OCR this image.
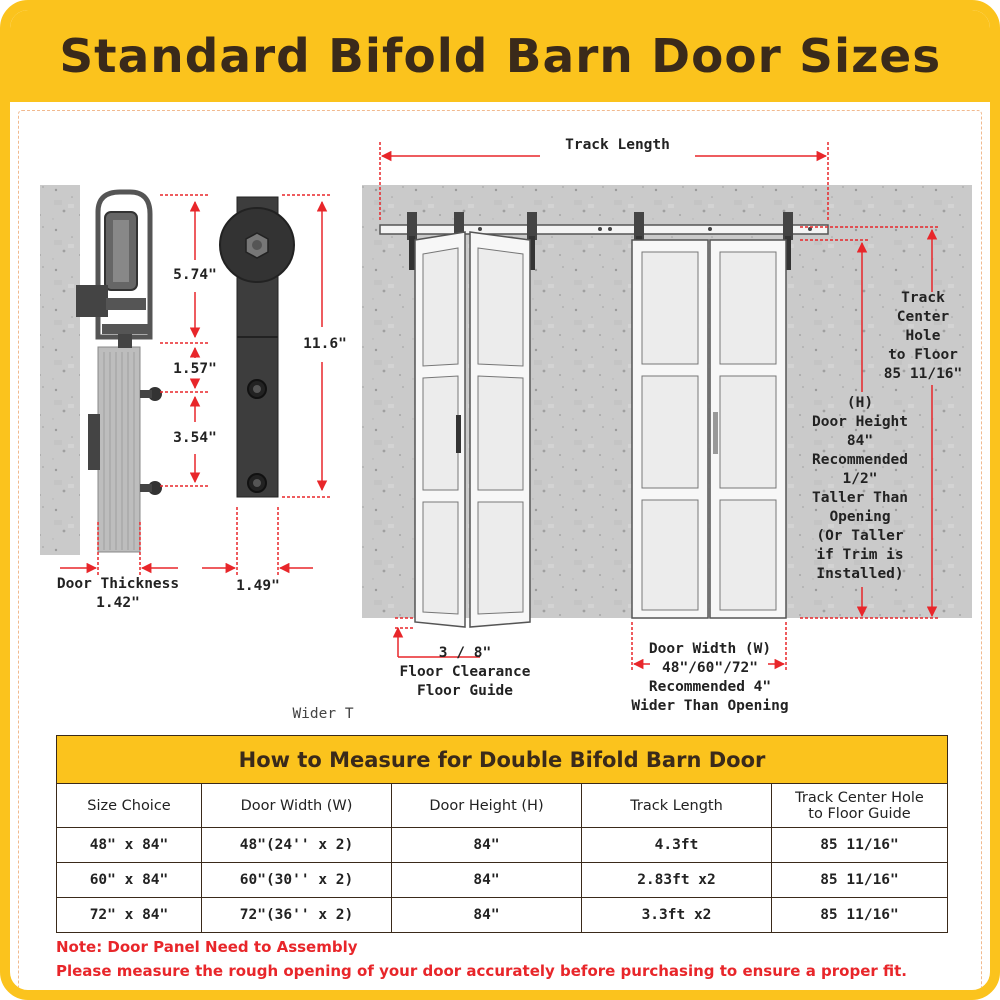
Standard Bifold Barn Door Sizes
5.74"
1.57"
3.54"
11.6"
Door Thickness
1.42"
1.49"
Track Length
Track
Center
Hole
to Floor
85 11/16"
(H)
Door Height
84"
Recommended
1/2"
Taller Than
Opening
(Or Taller
if Trim is
Installed)
3 / 8"
Floor Clearance
Floor Guide
Wider T
Door Width (W)
48"/60"/72"
Recommended 4"
Wider Than Opening
How to Measure for Double Bifold Barn Door				
Size Choice	Door Width (W)	Door Height (H)	Track Length	Track Center Hole
to Floor Guide
48" x 84"	48"(24'' x 2)	84"	4.3ft	85 11/16"
60" x 84"	60"(30'' x 2)	84"	2.83ft x2	85 11/16"
72" x 84"	72"(36'' x 2)	84"	3.3ft x2	85 11/16"
Note: Door Panel Need to Assembly
Please measure the rough opening of your door accurately before purchasing to ensure a proper fit.
